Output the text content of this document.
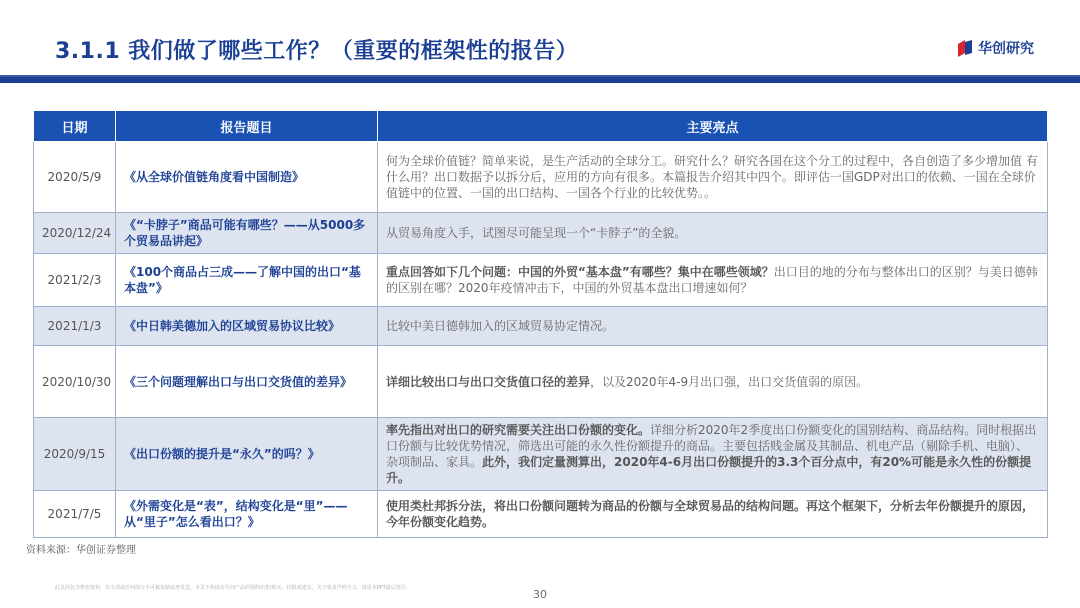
3.1.1 我们做了哪些工作？（重要的框架性的报告）	华创研究
日期	报告题目	主要亮点
2020/5/9	《从全球价值链角度看中国制造》	何为全球价值链？简单来说，是生产活动的全球分工。研究什么？研究各国在这个分工的过程中，各自创造了多少增加值 有什么用？出口数据予以拆分后，应用的方向有很多。本篇报告介绍其中四个。即评估一国GDP对出口的依赖、一国在全球价值链中的位置、一国的出口结构、一国各个行业的比较优势。。
2020/12/24	《“卡脖子”商品可能有哪些？——从5000多个贸易品讲起》	从贸易角度入手，试图尽可能呈现一个“卡脖子”的全貌。
2021/2/3	《100个商品占三成——了解中国的出口“基本盘”》	重点回答如下几个问题：中国的外贸“基本盘”有哪些？集中在哪些领域？出口目的地的分布与整体出口的区别？与美日德韩的区别在哪？2020年疫情冲击下，中国的外贸基本盘出口增速如何？
2021/1/3	《中日韩美德加入的区域贸易协议比较》	比较中美日德韩加入的区域贸易协定情况。
2020/10/30	《三个问题理解出口与出口交货值的差异》	详细比较出口与出口交货值口径的差异，以及2020年4-9月出口强，出口交货值弱的原因。
2020/9/15	《出口份额的提升是“永久”的吗？》	率先指出对出口的研究需要关注出口份额的变化。详细分析2020年2季度出口份额变化的国别结构、商品结构。同时根据出口份额与比较优势情况，筛选出可能的永久性份额提升的商品。主要包括贱金属及其制品、机电产品（剔除手机、电脑）、杂项制品、家具。此外，我们定量测算出，2020年4-6月出口份额提升的3.3个百分点中，有20%可能是永久性的份额提升。
2021/7/5	《外需变化是“表”，结构变化是“里”——从“里子”怎么看出口？》	使用类杜邦拆分法，将出口份额问题转为商品的份额与全球贸易品的结构问题。再这个框架下，分析去年份额提升的原因，今年份额变化趋势。
资料来源：华创证券整理
此页面包含机密资料，其全部或任何部分不可被复制或再发送。本页不构成对任何产品的要约出售/购买、招揽或建议。关于免责声明全文，请见本PPT最后部分。	30
